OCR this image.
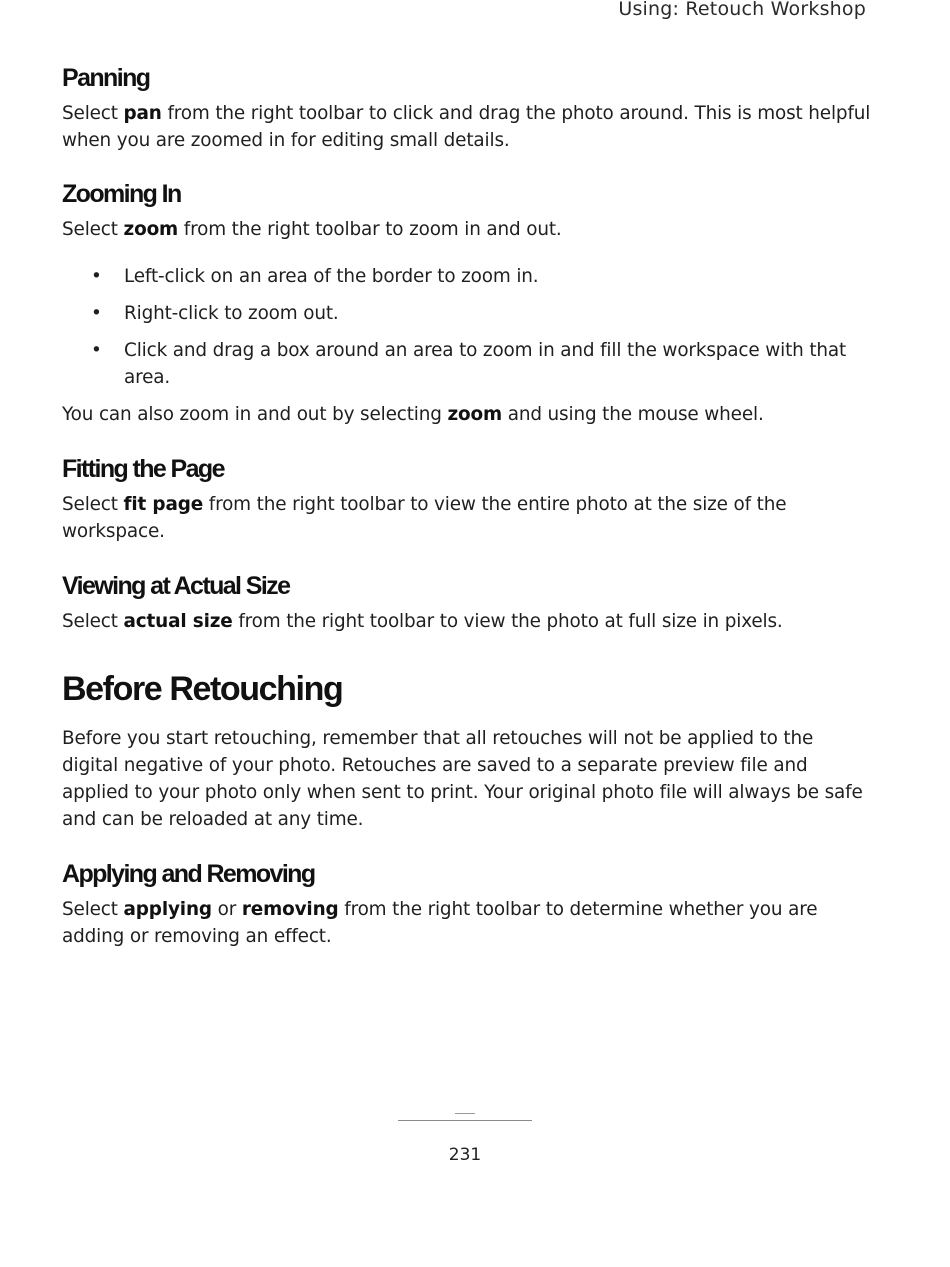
Using: Retouch Workshop
Panning

Select pan from the right toolbar to click and drag the photo around. This is most helpful when you are zoomed in for editing small details.

Zooming In

Select zoom from the right toolbar to zoom in and out.

• Left-click on an area of the border to zoom in.
• Right-click to zoom out.
• Click and drag a box around an area to zoom in and fill the workspace with that area.

You can also zoom in and out by selecting zoom and using the mouse wheel.

Fitting the Page

Select fit page from the right toolbar to view the entire photo at the size of the workspace.

Viewing at Actual Size

Select actual size from the right toolbar to view the photo at full size in pixels.

Before Retouching

Before you start retouching, remember that all retouches will not be applied to the digital negative of your photo. Retouches are saved to a separate preview file and applied to your photo only when sent to print. Your original photo file will always be safe and can be reloaded at any time.

Applying and Removing

Select applying or removing from the right toolbar to determine whether you are adding or removing an effect.

231
